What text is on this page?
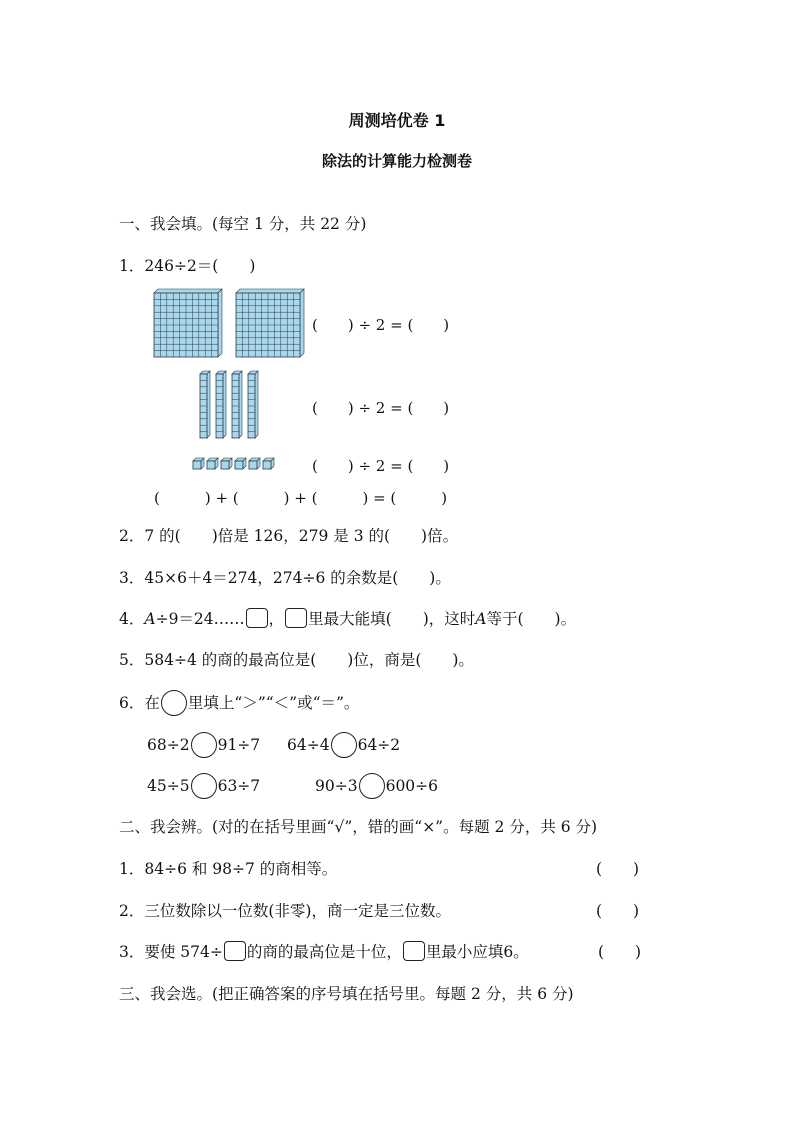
周测培优卷 1
除法的计算能力检测卷
一、我会填。(每空 1 分，共 22 分)
1．246÷2＝(　　)
(　　) ÷ 2 = (　　)
(　　) ÷ 2 = (　　)
(　　) ÷ 2 = (　　)
(　　　) + (　　　) + (　　　) = (　　　)
2．7 的(　　)倍是 126，279 是 3 的(　　)倍。
3．45×6＋4＝274，274÷6 的余数是(　　)。
4．A÷9＝24…… ， 里最大能填(　　)，这时A等于(　　)。
5．584÷4 的商的最高位是(　　)位，商是(　　)。
6．在 里填上“＞”“＜”或“＝”。
68÷2 91÷7 64÷4 64÷2
45÷5 63÷7	90÷3 600÷6
二、我会辨。(对的在括号里画“√”，错的画“×”。每题 2 分，共 6 分)
1．84÷6 和 98÷7 的商相等。	(　　)
2．三位数除以一位数(非零)，商一定是三位数。	(　　)
3．要使 574÷ 的商的最高位是十位， 里最小应填6。	(　　)
三、我会选。(把正确答案的序号填在括号里。每题 2 分，共 6 分)
